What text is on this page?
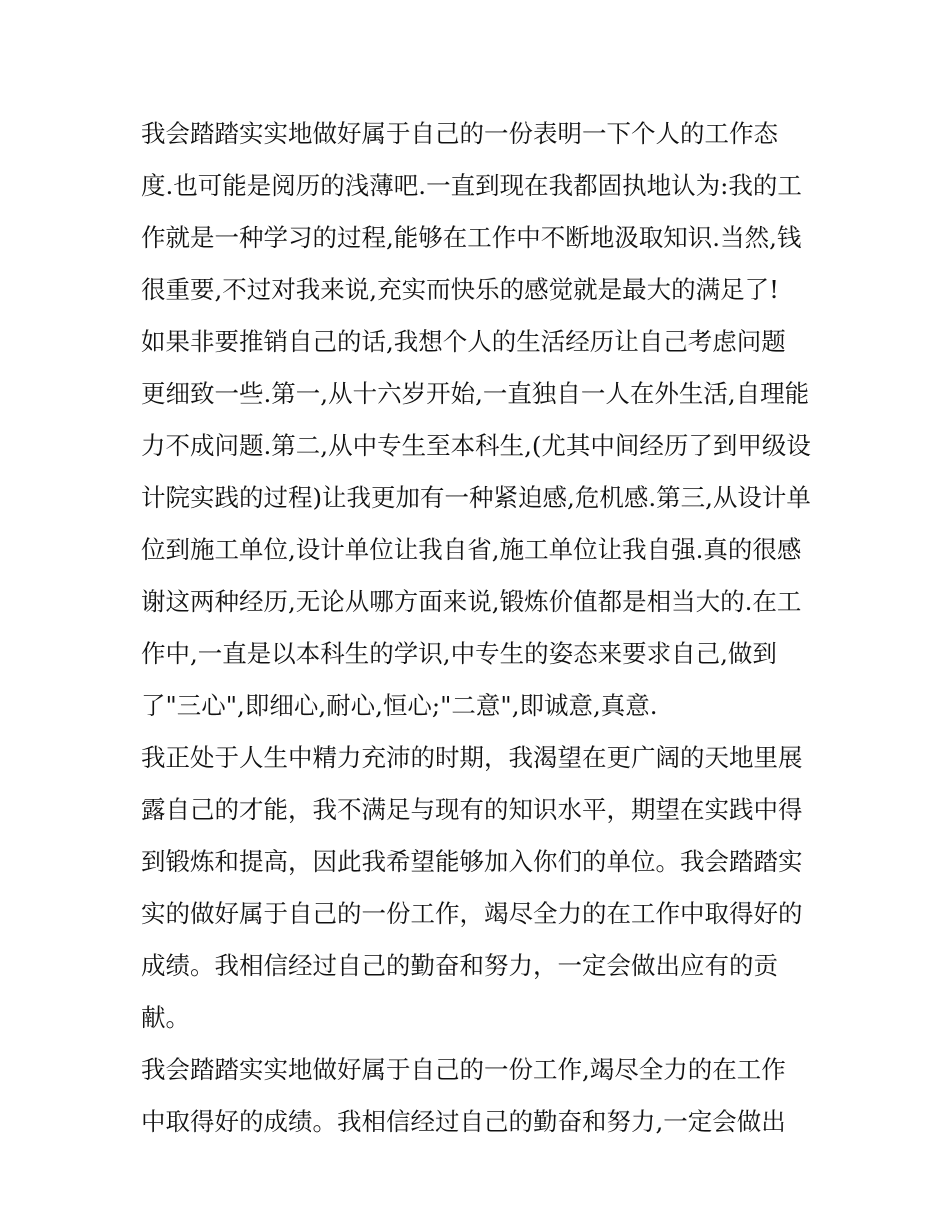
我会踏踏实实地做好属于自己的一份表明一下个人的工作态
度.也可能是阅历的浅薄吧.一直到现在我都固执地认为:我的工
作就是一种学习的过程,能够在工作中不断地汲取知识.当然,钱
很重要,不过对我来说,充实而快乐的感觉就是最大的满足了!
如果非要推销自己的话,我想个人的生活经历让自己考虑问题
更细致一些.第一,从十六岁开始,一直独自一人在外生活,自理能
力不成问题.第二,从中专生至本科生,(尤其中间经历了到甲级设
计院实践的过程)让我更加有一种紧迫感,危机感.第三,从设计单
位到施工单位,设计单位让我自省,施工单位让我自强.真的很感
谢这两种经历,无论从哪方面来说,锻炼价值都是相当大的.在工
作中,一直是以本科生的学识,中专生的姿态来要求自己,做到
了"三心",即细心,耐心,恒心;"二意",即诚意,真意.
我正处于人生中精力充沛的时期，我渴望在更广阔的天地里展
露自己的才能，我不满足与现有的知识水平，期望在实践中得
到锻炼和提高，因此我希望能够加入你们的单位。我会踏踏实
实的做好属于自己的一份工作，竭尽全力的在工作中取得好的
成绩。我相信经过自己的勤奋和努力，一定会做出应有的贡
献。
我会踏踏实实地做好属于自己的一份工作,竭尽全力的在工作
中取得好的成绩。我相信经过自己的勤奋和努力,一定会做出
